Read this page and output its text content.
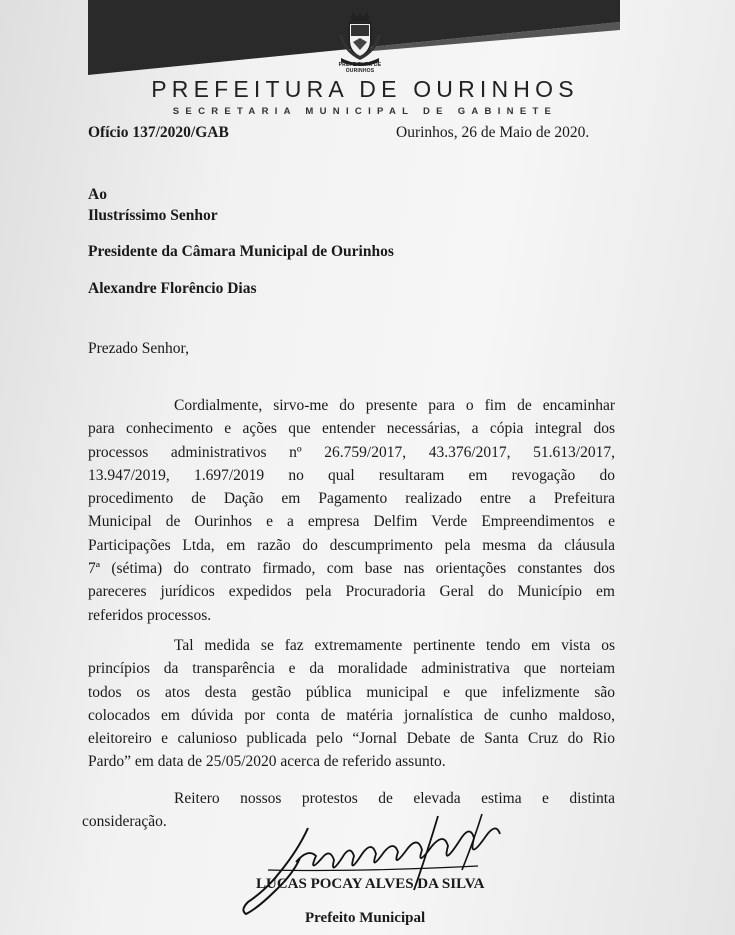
PREFEITURA DE OURINHOS
PREFEITURA DE OURINHOS
SECRETARIA MUNICIPAL DE GABINETE
Ofício 137/2020/GAB	Ourinhos, 26 de Maio de 2020.
Ao
Ilustríssimo Senhor
Presidente da Câmara Municipal de Ourinhos
Alexandre Florêncio Dias
Prezado Senhor,
Cordialmente, sirvo-me do presente para o fim de encaminhar
para conhecimento e ações que entender necessárias, a cópia integral dos
processos administrativos nº 26.759/2017, 43.376/2017, 51.613/2017,
13.947/2019, 1.697/2019 no qual resultaram em revogação do
procedimento de Dação em Pagamento realizado entre a Prefeitura
Municipal de Ourinhos e a empresa Delfim Verde Empreendimentos e
Participações Ltda, em razão do descumprimento pela mesma da cláusula
7ª (sétima) do contrato firmado, com base nas orientações constantes dos
pareceres jurídicos expedidos pela Procuradoria Geral do Município em
referidos processos.
Tal medida se faz extremamente pertinente tendo em vista os
princípios da transparência e da moralidade administrativa que norteiam
todos os atos desta gestão pública municipal e que infelizmente são
colocados em dúvida por conta de matéria jornalística de cunho maldoso,
eleitoreiro e calunioso publicada pelo “Jornal Debate de Santa Cruz do Rio
Pardo” em data de 25/05/2020 acerca de referido assunto.
Reitero nossos protestos de elevada estima e distinta
consideração.
LUCAS POCAY ALVES DA SILVA
Prefeito Municipal
